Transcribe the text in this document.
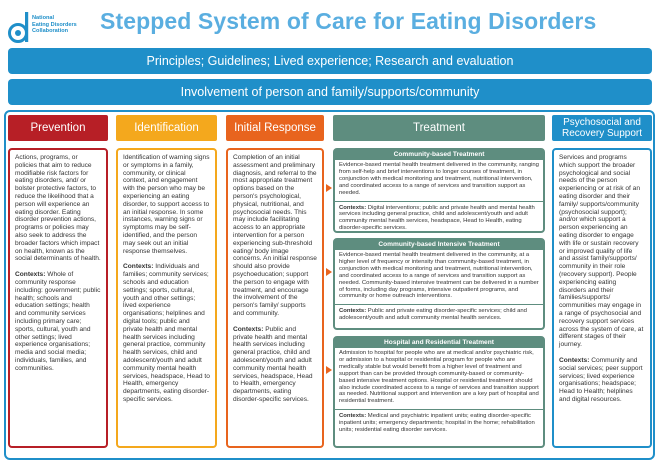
National
Eating Disorders
Collaboration	Stepped System of Care for Eating Disorders
Principles; Guidelines; Lived experience; Research and evaluation
Involvement of person and family/supports/community
Prevention	Identification	Initial Response	Treatment	Psychosocial and Recovery Support

Actions, programs, or policies that aim to reduce modifiable risk factors for eating disorders, and/ or bolster protective factors, to reduce the likelihood that a person will experience an eating disorder. Eating disorder prevention actions, programs or policies may also seek to address the broader factors which impact on health, known as the social determinants of health.

Contexts: Whole of community response including: government; public health; schools and education settings; health and community services including primary care; sports, cultural, youth and other settings; lived experience organisations; media and social media; individuals, families, and communities.

Identification of warning signs or symptoms in a family, community, or clinical context, and engagement with the person who may be experiencing an eating disorder, to support access to an initial response. In some instances, warning signs or symptoms may be self-identified, and the person may seek out an initial response themselves.

Contexts: Individuals and families; community services; schools and education settings; sports, cultural, youth and other settings; lived experience organisations; helplines and digital tools; public and private health and mental health services including general practice, community health services, child and adolescent/youth and adult community mental health services, headspace, Head to Health, emergency departments, eating disorder-specific services.

Completion of an initial assessment and preliminary diagnosis, and referral to the most appropriate treatment options based on the person's psychological, physical, nutritional, and psychosocial needs. This may include facilitating access to an appropriate intervention for a person experiencing sub-threshold eating/ body image concerns. An initial response should also provide psychoeducation; support the person to engage with treatment, and encourage the involvement of the person's family/ supports and community.

Contexts: Public and private health and mental health services including general practice, child and adolescent/youth and adult community mental health services, headspace, Head to Health, emergency departments, eating disorder-specific services.

Community-based Treatment
Evidence-based mental health treatment delivered in the community, ranging from self-help and brief interventions to longer courses of treatment, in conjunction with medical monitoring and treatment, nutritional intervention, and coordinated access to a range of services and transition support as needed.
Contexts: Digital interventions; public and private health and mental health services including general practice, child and adolescent/youth and adult community mental health services, headspace, Head to Health, eating disorder-specific services.
Community-based Intensive Treatment
Evidence-based mental health treatment delivered in the community, at a higher level of frequency or intensity than community-based treatment, in conjunction with medical monitoring and treatment, nutritional intervention, and coordinated access to a range of services and transition support as needed. Community-based intensive treatment can be delivered in a number of forms, including day programs, intensive outpatient programs, and community or home outreach interventions.
Contexts: Public and private eating disorder-specific services; child and adolescent/youth and adult community mental health services.
Hospital and Residential Treatment
Admission to hospital for people who are at medical and/or psychiatric risk, or admission to a hospital or residential program for people who are medically stable but would benefit from a higher level of treatment and support than can be provided through community-based or community-based intensive treatment options. Hospital or residential treatment should also include coordinated access to a range of services and transition support as needed. Nutritional support and intervention are a key part of hospital and residential treatment.
Contexts: Medical and psychiatric inpatient units; eating disorder-specific inpatient units; emergency departments; hospital in the home; rehabilitation units; residential eating disorder services.

Services and programs which support the broader psychological and social needs of the person experiencing or at risk of an eating disorder and their family/ supports/community (psychosocial support); and/or which support a person experiencing an eating disorder to engage with life or sustain recovery or improved quality of life and assist family/supports/ community in their role (recovery support). People experiencing eating disorders and their families/supports/ communities may engage in a range of psychosocial and recovery support services across the system of care, at different stages of their journey.

Contexts: Community and social services; peer support services; lived experience organisations; headspace; Head to Health; helplines and digital resources.
